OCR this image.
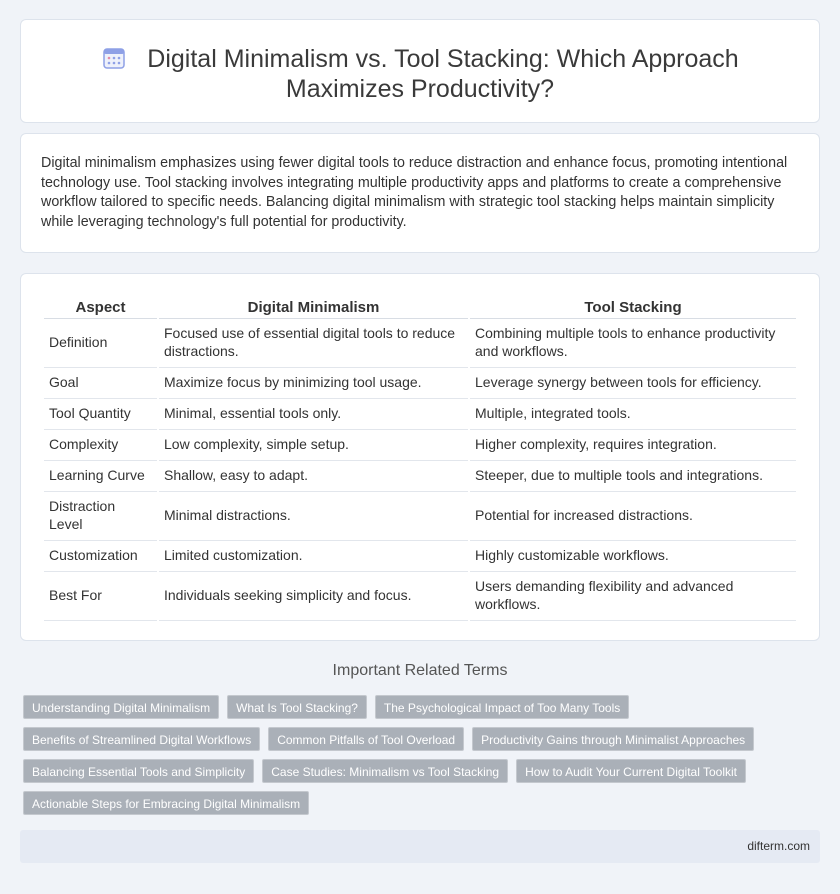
Digital Minimalism vs. Tool Stacking: Which Approach Maximizes Productivity?

Digital minimalism emphasizes using fewer digital tools to reduce distraction and enhance focus, promoting intentional technology use. Tool stacking involves integrating multiple productivity apps and platforms to create a comprehensive workflow tailored to specific needs. Balancing digital minimalism with strategic tool stacking helps maintain simplicity while leveraging technology's full potential for productivity.

Aspect	Digital Minimalism	Tool Stacking
Definition	Focused use of essential digital tools to reduce distractions.	Combining multiple tools to enhance productivity and workflows.
Goal	Maximize focus by minimizing tool usage.	Leverage synergy between tools for efficiency.
Tool Quantity	Minimal, essential tools only.	Multiple, integrated tools.
Complexity	Low complexity, simple setup.	Higher complexity, requires integration.
Learning Curve	Shallow, easy to adapt.	Steeper, due to multiple tools and integrations.
Distraction Level	Minimal distractions.	Potential for increased distractions.
Customization	Limited customization.	Highly customizable workflows.
Best For	Individuals seeking simplicity and focus.	Users demanding flexibility and advanced workflows.
Important Related Terms
Understanding Digital Minimalism	What Is Tool Stacking?	The Psychological Impact of Too Many Tools
Benefits of Streamlined Digital Workflows	Common Pitfalls of Tool Overload	Productivity Gains through Minimalist Approaches
Balancing Essential Tools and Simplicity	Case Studies: Minimalism vs Tool Stacking	How to Audit Your Current Digital Toolkit
Actionable Steps for Embracing Digital Minimalism
difterm.com
